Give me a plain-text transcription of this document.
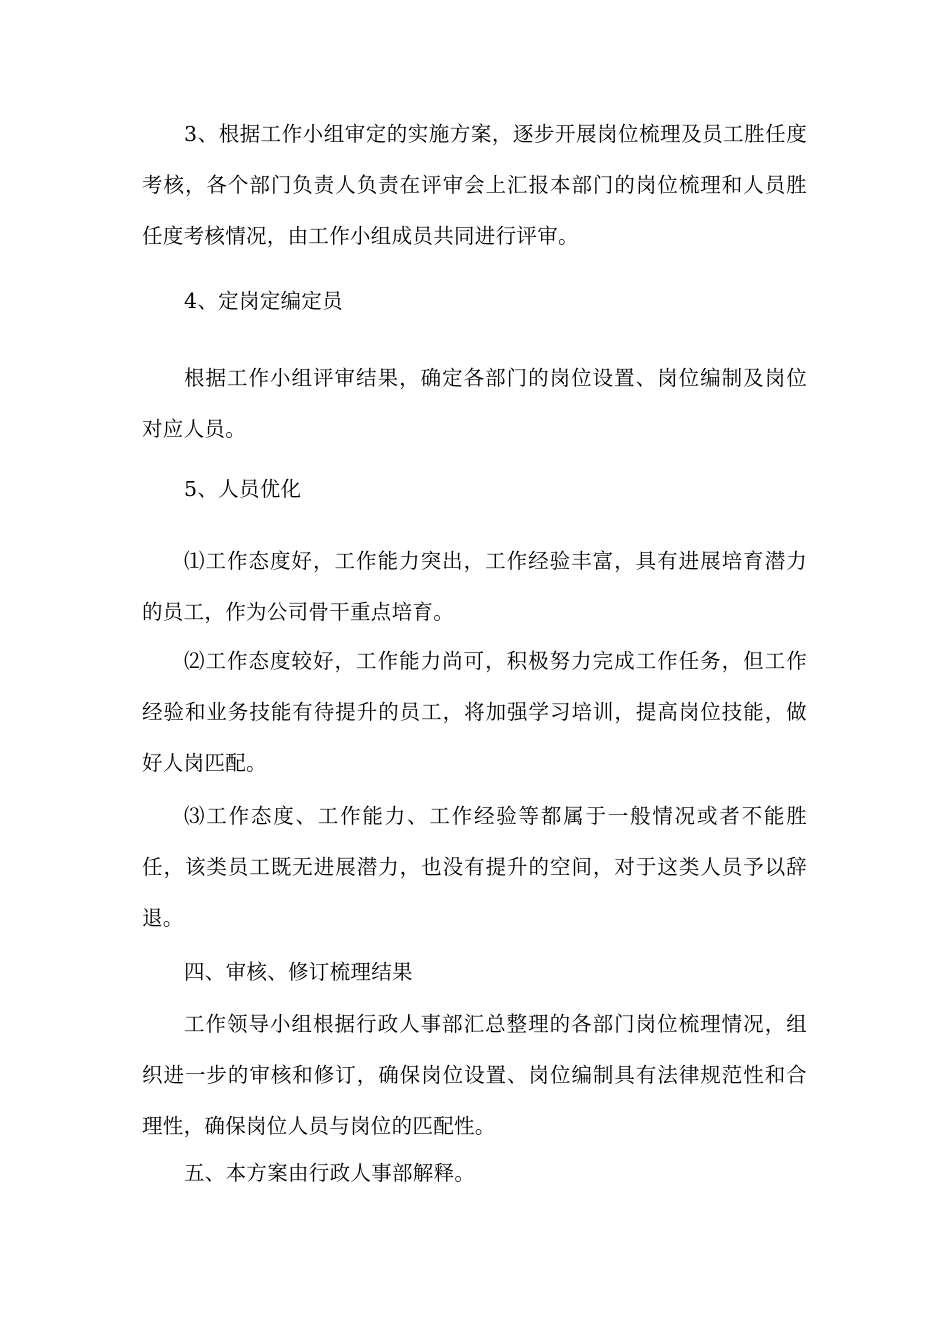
3、根据工作小组审定的实施方案，逐步开展岗位梳理及员工胜任度考核，各个部门负责人负责在评审会上汇报本部门的岗位梳理和人员胜任度考核情况，由工作小组成员共同进行评审。

4、定岗定编定员

根据工作小组评审结果，确定各部门的岗位设置、岗位编制及岗位对应人员。

5、人员优化

⑴工作态度好，工作能力突出，工作经验丰富，具有进展培育潜力的员工，作为公司骨干重点培育。

⑵工作态度较好，工作能力尚可，积极努力完成工作任务，但工作经验和业务技能有待提升的员工，将加强学习培训，提高岗位技能，做好人岗匹配。

⑶工作态度、工作能力、工作经验等都属于一般情况或者不能胜任，该类员工既无进展潜力，也没有提升的空间，对于这类人员予以辞退。

四、审核、修订梳理结果

工作领导小组根据行政人事部汇总整理的各部门岗位梳理情况，组织进一步的审核和修订，确保岗位设置、岗位编制具有法律规范性和合理性，确保岗位人员与岗位的匹配性。

五、本方案由行政人事部解释。
